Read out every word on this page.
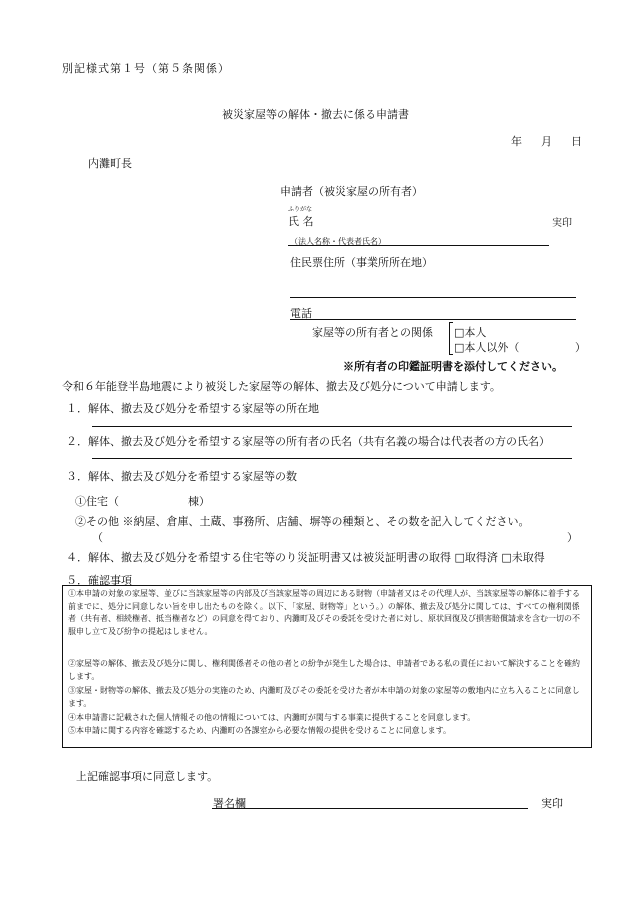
別記様式第１号（第５条関係）
被災家屋等の解体・撤去に係る申請書
年 月 日
内灘町長
申請者（被災家屋の所有者）
ふりがな
氏 名	実印
（法人名称・代表者氏名）
住民票住所（事業所所在地）
電話
家屋等の所有者との関係 □本人
□本人以外（	）
※所有者の印鑑証明書を添付してください。
令和６年能登半島地震により被災した家屋等の解体、撤去及び処分について申請します。
１．解体、撤去及び処分を希望する家屋等の所在地
２．解体、撤去及び処分を希望する家屋等の所有者の氏名（共有名義の場合は代表者の方の氏名）
３．解体、撤去及び処分を希望する家屋等の数
①住宅（	棟）
②その他 ※納屋、倉庫、土蔵、事務所、店舗、塀等の種類と、その数を記入してください。
（	）
４．解体、撤去及び処分を希望する住宅等のり災証明書又は被災証明書の取得 □取得済 □未取得
５．確認事項
①本申請の対象の家屋等、並びに当該家屋等の内部及び当該家屋等の周辺にある財物（申請者又はその代理人が、当該家屋等の解体に着手する前までに、処分に同意しない旨を申し出たものを除く。以下、「家屋、財物等」という。）の解体、撤去及び処分に関しては、すべての権利関係者（共有者、相続権者、抵当権者など）の同意を得ており、内灘町及びその委託を受けた者に対し、原状回復及び損害賠償請求を含む一切の不服申し立て及び紛争の提起はしません。
②家屋等の解体、撤去及び処分に関し、権利関係者その他の者との紛争が発生した場合は、申請者である私の責任において解決することを確約します。
③家屋・財物等の解体、撤去及び処分の実施のため、内灘町及びその委託を受けた者が本申請の対象の家屋等の敷地内に立ち入ることに同意します。
④本申請書に記載された個人情報その他の情報については、内灘町が関与する事業に提供することを同意します。
⑤本申請に関する内容を確認するため、内灘町の各課室から必要な情報の提供を受けることに同意します。
上記確認事項に同意します。
署名欄	実印
